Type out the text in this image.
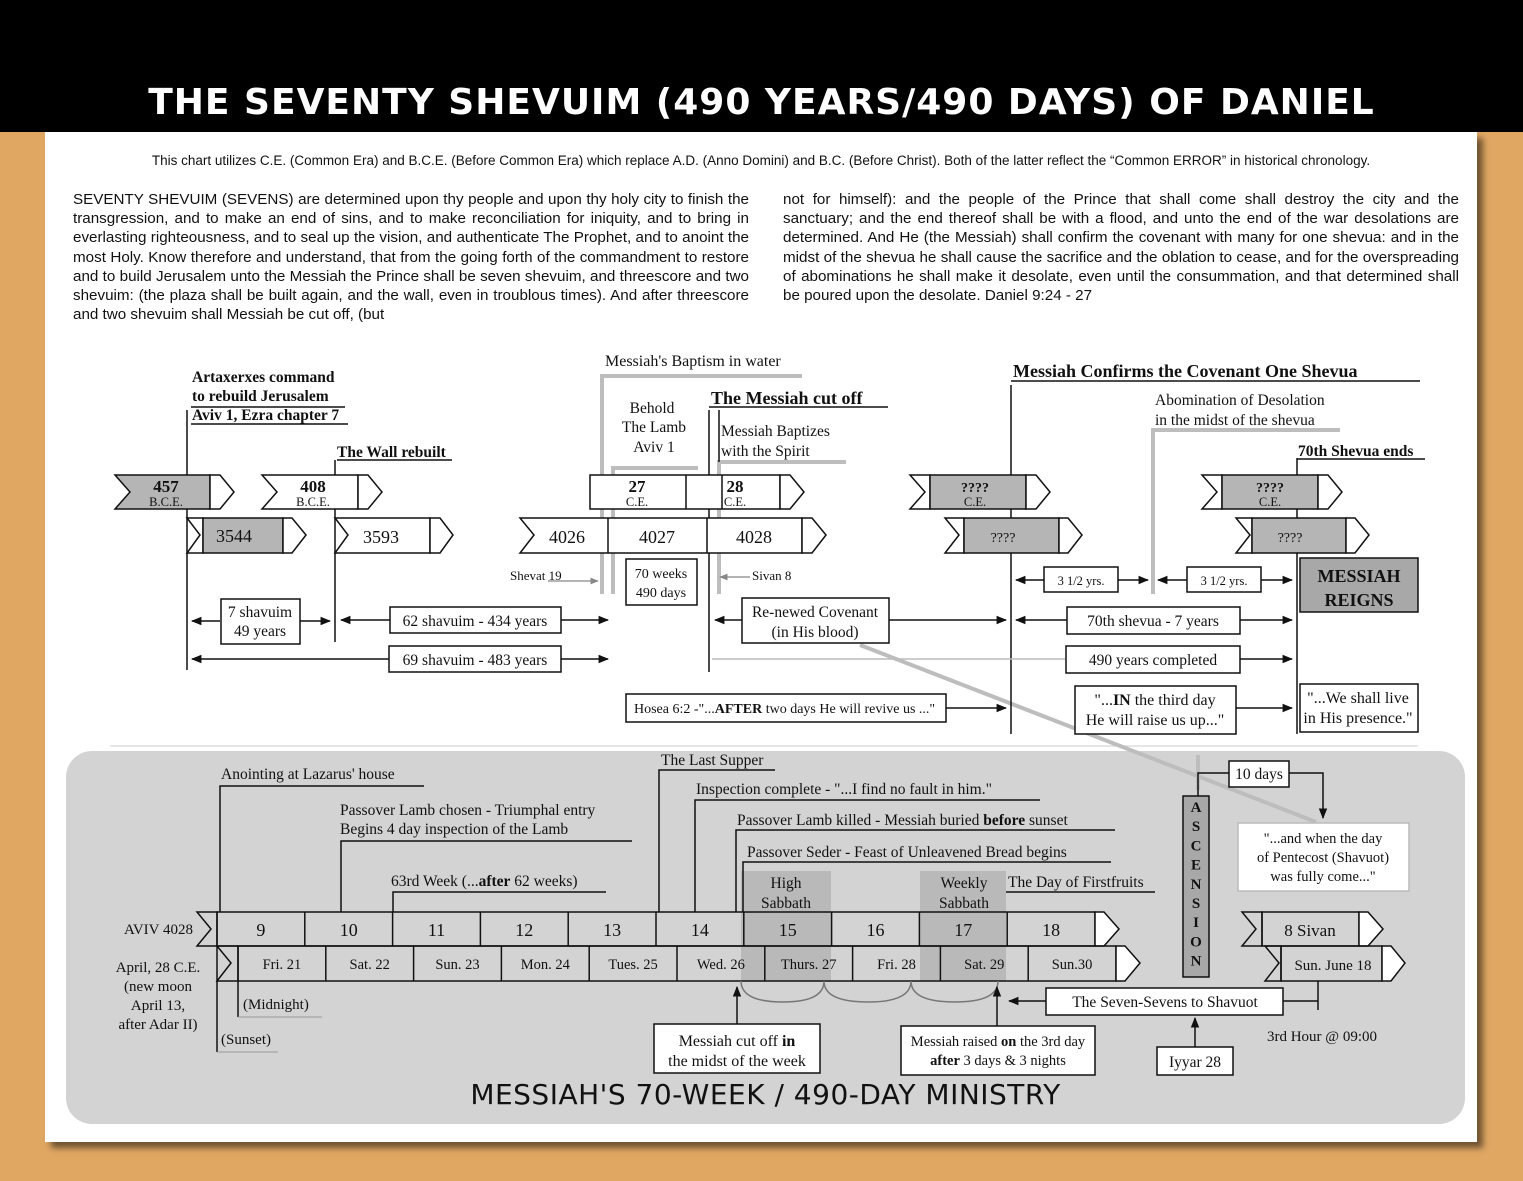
THE SEVENTY SHEVUIM (490 YEARS/490 DAYS) OF DANIEL
This chart utilizes C.E. (Common Era) and B.C.E. (Before Common Era) which replace A.D. (Anno Domini) and B.C. (Before Christ). Both of the latter reflect the “Common ERROR” in historical chronology.
SEVENTY SHEVUIM (SEVENS) are determined upon thy people and upon thy holy city to finish the transgression, and to make an end of sins, and to make reconciliation for iniquity, and to bring in everlasting righteousness, and to seal up the vision, and authenticate The Prophet, and to anoint the most Holy. Know therefore and understand, that from the going forth of the commandment to restore and to build Jerusalem unto the Messiah the Prince shall be seven shevuim, and threescore and two shevuim: (the plaza shall be built again, and the wall, even in troublous times). And after threescore and two shevuim shall Messiah be cut off, (but
not for himself): and the people of the Prince that shall come shall destroy the city and the sanctuary; and the end thereof shall be with a flood, and unto the end of the war desolations are determined. And He (the Messiah) shall confirm the covenant with many for one shevua: and in the midst of the shevua he shall cause the sacrifice and the oblation to cease, and for the overspreading of abominations he shall make it desolate, even until the consummation, and that determined shall be poured upon the desolate. Daniel 9:24 - 27
MESSIAH'S 70-WEEK / 490-DAY MINISTRY
Artaxerxes command
to rebuild Jerusalem
Aviv 1, Ezra chapter 7
The Wall rebuilt
Messiah's Baptism in water
Behold
The Lamb
Aviv 1
The Messiah cut off
Messiah Baptizes
with the Spirit
Messiah Confirms the Covenant One Shevua
Abomination of Desolation
in the midst of the shevua
70th Shevua ends
457
B.C.E.
408
B.C.E.
27
C.E.
28
C.E.
????
C.E.
????
C.E.
3544	3593	4026	4027	4028	????	????
Shevat 19	Sivan 8
70 weeks
490 days
7 shavuim
49 years
62 shavuim - 434 years
69 shavuim - 483 years
Re-newed Covenant
(in His blood)
3 1/2 yrs.	3 1/2 yrs.	MESSIAH
REIGNS
70th shevua - 7 years
490 years completed
Hosea 6:2 -"...AFTER two days He will revive us ..."
"...IN the third day
He will raise us up..."
"...We shall live
in His presence."
High
Sabbath
Weekly
Sabbath
Anointing at Lazarus' house
Passover Lamb chosen - Triumphal entry
Begins 4 day inspection of the Lamb
63rd Week (...after 62 weeks)
The Last Supper
Inspection complete - "...I find no fault in him."
Passover Lamb killed - Messiah buried before sunset
Passover Seder - Feast of Unleavened Bread begins
The Day of Firstfruits
9	10	11	12	13	14	15	16	17	18
Fri. 21	Sat. 22	Sun. 23	Mon. 24	Tues. 25	Wed. 26 Thurs. 27	Fri. 28	Sat. 29	Sun.30
AVIV 4028
April, 28 C.E.
(new moon
April 13,
after Adar II)
(Midnight)
(Sunset)	Messiah cut off in
the midst of the week
Messiah raised on the 3rd day
after 3 days & 3 nights
The Seven-Sevens to Shavuot
3rd Hour @ 09:00
Iyyar 28
A
S
C
E
N
S
I
O
N
10 days
"...and when the day
of Pentecost (Shavuot)
was fully come..."
8 Sivan
Sun. June 18
